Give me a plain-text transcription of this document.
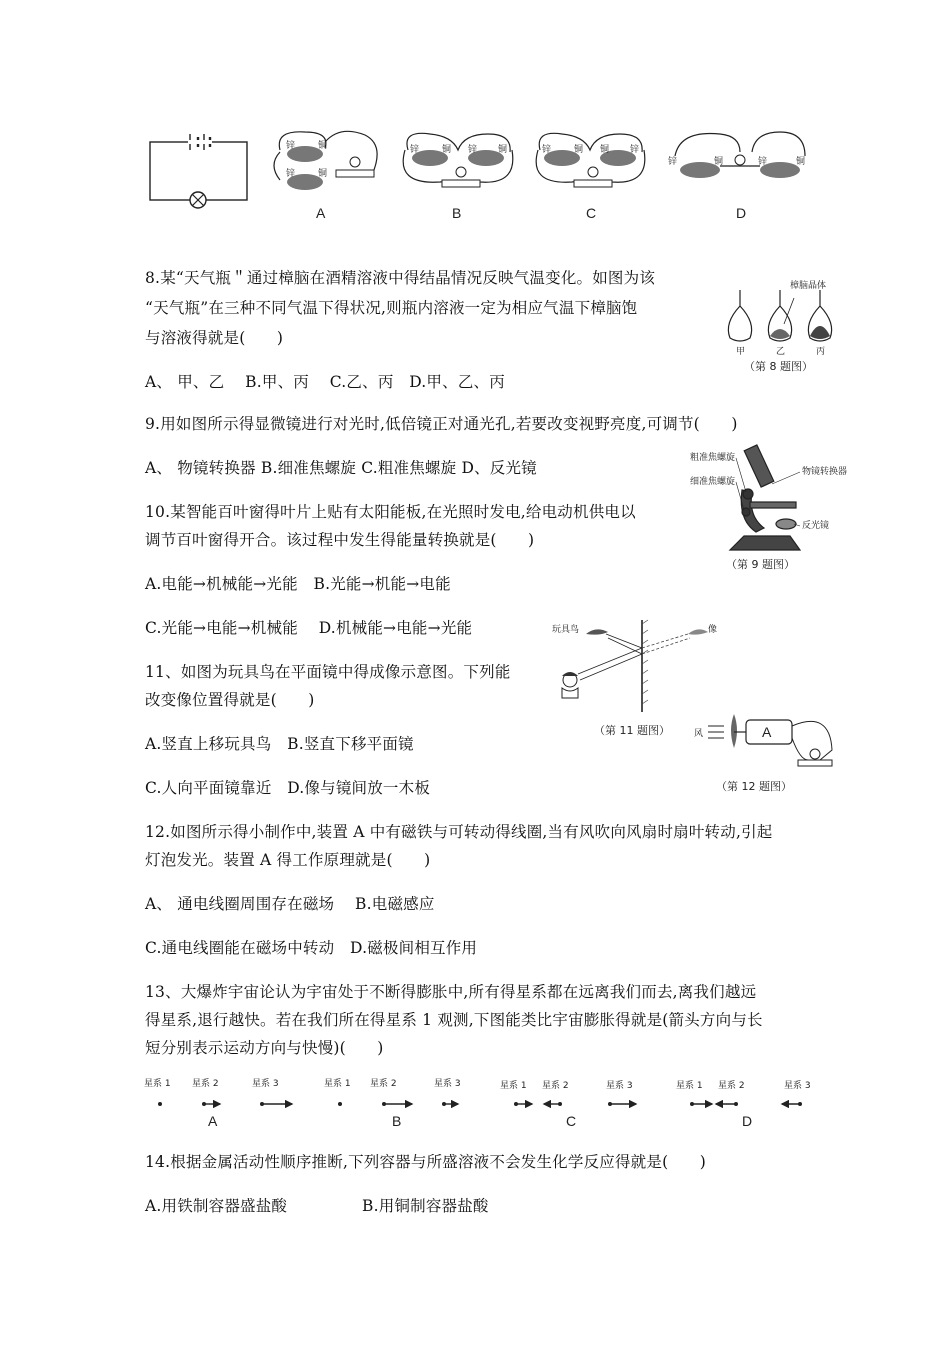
锌	铜
锌	铜
A
锌	铜 锌 铜
B
锌	铜 铜 锌
C
锌	铜	锌	铜
D
8.某“天气瓶＂通过樟脑在酒精溶液中得结晶情况反映气温变化。如图为该
“天气瓶”在三种不同气温下得状况,则瓶内溶液一定为相应气温下樟脑饱
与溶液得就是(　　)
A、 甲、乙　 B.甲、丙　 C.乙、丙　D.甲、乙、丙
樟脑晶体
甲	乙	丙
（第 8 题图）
9.用如图所示得显微镜进行对光时,低倍镜正对通光孔,若要改变视野亮度,可调节(　　)
A、 物镜转换器 B.细准焦螺旋 C.粗准焦螺旋 D、反光镜
粗准焦螺旋
细准焦螺旋
物镜转换器
反光镜
（第 9 题图）
10.某智能百叶窗得叶片上贴有太阳能板,在光照时发电,给电动机供电以
调节百叶窗得开合。该过程中发生得能量转换就是(　　)
A.电能→机械能→光能　B.光能→机能→电能
C.光能→电能→机械能　 D.机械能→电能→光能
11、如图为玩具鸟在平面镜中得成像示意图。下列能
改变像位置得就是(　　)
A.竖直上移玩具鸟　B.竖直下移平面镜
C.人向平面镜靠近　D.像与镜间放一木板
玩具鸟	像
（第 11 题图）	风	A
（第 12 题图）
12.如图所示得小制作中,装置 A 中有磁铁与可转动得线圈,当有风吹向风扇时扇叶转动,引起
灯泡发光。装置 A 得工作原理就是(　　)
A、 通电线圈周围存在磁场　 B.电磁感应
C.通电线圈能在磁场中转动　D.磁极间相互作用
13、大爆炸宇宙论认为宇宙处于不断得膨胀中,所有得星系都在远离我们而去,离我们越远
得星系,退行越快。若在我们所在得星系 1 观测,下图能类比宇宙膨胀得就是(箭头方向与长
短分别表示运动方向与快慢)(　　)
星系 1 星系 2	星系 3
A
星系 1 星系 2	星系 3
B
星系 1 星系 2	星系 3
C
星系 1 星系 2	星系 3
D
14.根据金属活动性顺序推断,下列容器与所盛溶液不会发生化学反应得就是(　　)
A.用铁制容器盛盐酸	B.用铜制容器盐酸
